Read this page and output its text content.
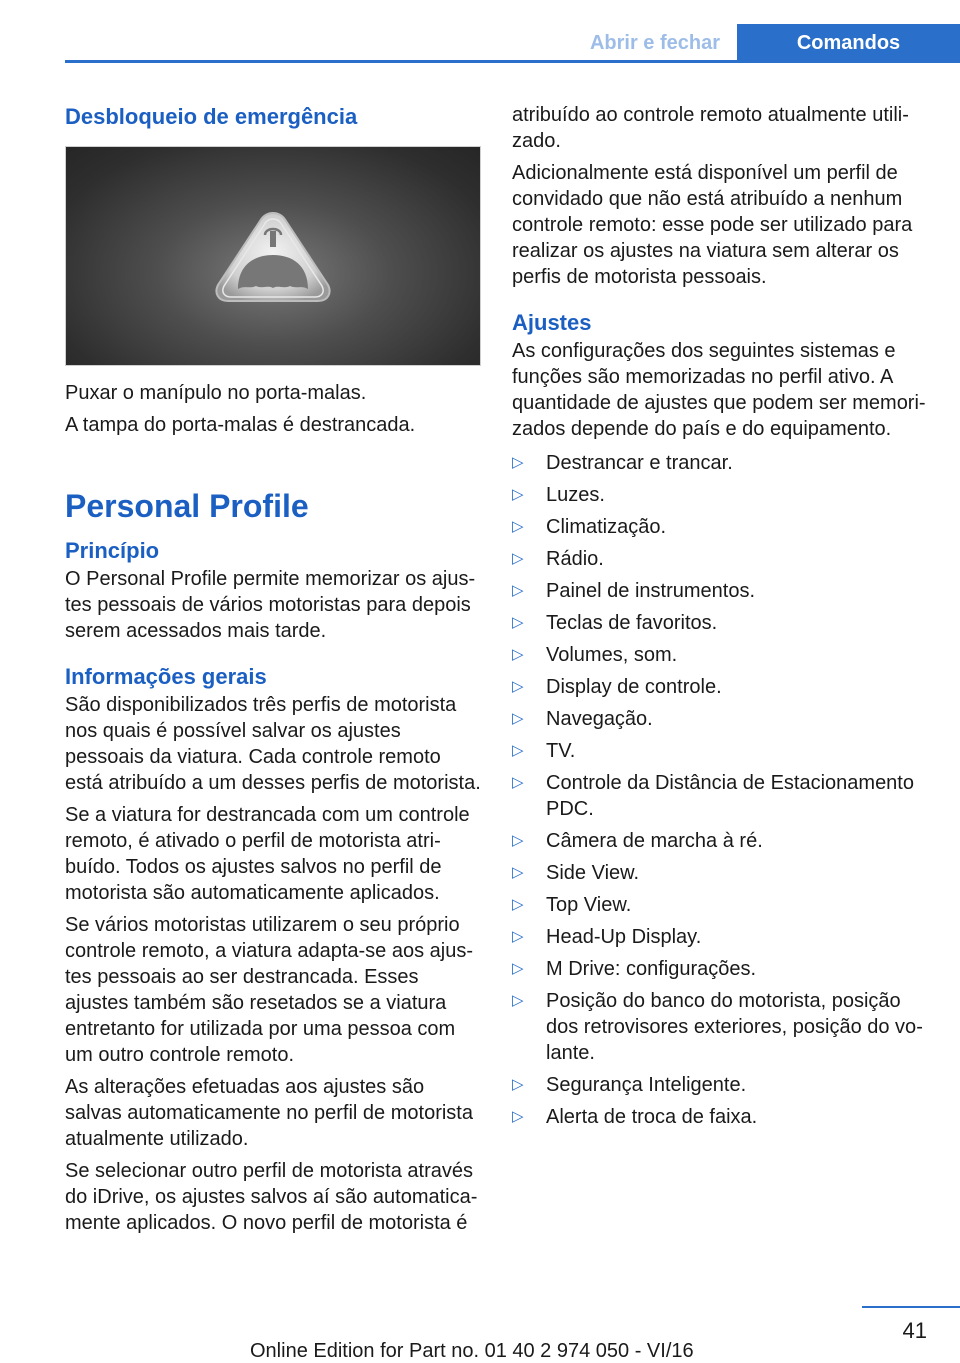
Abrir e fechar	Comandos
Desbloqueio de emergência

Puxar o manípulo no porta-malas.

A tampa do porta-malas é destrancada.

Personal Profile
Princípio

O Personal Profile permite memorizar os ajustes pessoais de vários motoristas para depois serem acessados mais tarde.

Informações gerais

São disponibilizados três perfis de motorista nos quais é possível salvar os ajustes pessoais da viatura. Cada controle remoto está atribuído a um desses perfis de motorista.

Se a viatura for destrancada com um controle remoto, é ativado o perfil de motorista atribuído. Todos os ajustes salvos no perfil de motorista são automaticamente aplicados.

Se vários motoristas utilizarem o seu próprio controle remoto, a viatura adapta-se aos ajustes pessoais ao ser destrancada. Esses ajustes também são resetados se a viatura entretanto for utilizada por uma pessoa com um outro controle remoto.

As alterações efetuadas aos ajustes são salvas automaticamente no perfil de motorista atualmente utilizado.

Se selecionar outro perfil de motorista através do iDrive, os ajustes salvos aí são automaticamente aplicados. O novo perfil de motorista é

atribuído ao controle remoto atualmente utilizado.

Adicionalmente está disponível um perfil de convidado que não está atribuído a nenhum controle remoto: esse pode ser utilizado para realizar os ajustes na viatura sem alterar os perfis de motorista pessoais.

Ajustes

As configurações dos seguintes sistemas e funções são memorizadas no perfil ativo. A quantidade de ajustes que podem ser memorizados depende do país e do equipamento.

▷ Destrancar e trancar.
▷ Luzes.
▷ Climatização.
▷ Rádio.
▷ Painel de instrumentos.
▷ Teclas de favoritos.
▷ Volumes, som.
▷ Display de controle.
▷ Navegação.
▷ TV.
▷ Controle da Distância de Estacionamento PDC.
▷ Câmera de marcha à ré.
▷ Side View.
▷ Top View.
▷ Head-Up Display.
▷ M Drive: configurações.
▷ Posição do banco do motorista, posição dos retrovisores exteriores, posição do volante.
▷ Segurança Inteligente.
▷ Alerta de troca de faixa.
41
Online Edition for Part no. 01 40 2 974 050 - VI/16
